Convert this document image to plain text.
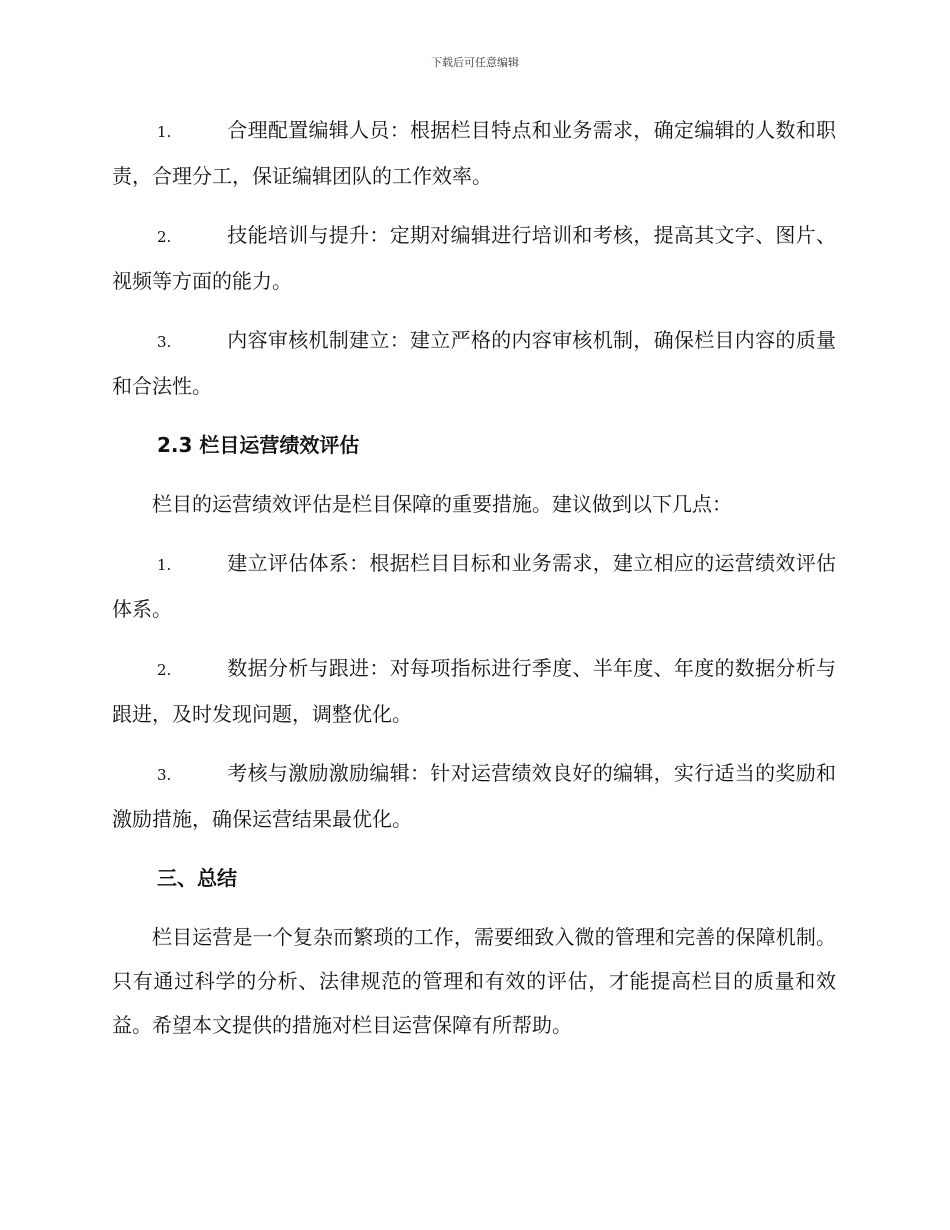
下载后可任意编辑
1.	合理配置编辑人员：根据栏目特点和业务需求，确定编辑的人数和职责，合理分工，保证编辑团队的工作效率。
2.	技能培训与提升：定期对编辑进行培训和考核，提高其文字、图片、视频等方面的能力。
3.	内容审核机制建立：建立严格的内容审核机制，确保栏目内容的质量和合法性。
2.3 栏目运营绩效评估
栏目的运营绩效评估是栏目保障的重要措施。建议做到以下几点：
1.	建立评估体系：根据栏目目标和业务需求，建立相应的运营绩效评估体系。
2.	数据分析与跟进：对每项指标进行季度、半年度、年度的数据分析与跟进，及时发现问题，调整优化。
3.	考核与激励激励编辑：针对运营绩效良好的编辑，实行适当的奖励和激励措施，确保运营结果最优化。
三、总结
栏目运营是一个复杂而繁琐的工作，需要细致入微的管理和完善的保障机制。只有通过科学的分析、法律规范的管理和有效的评估，才能提高栏目的质量和效益。希望本文提供的措施对栏目运营保障有所帮助。
